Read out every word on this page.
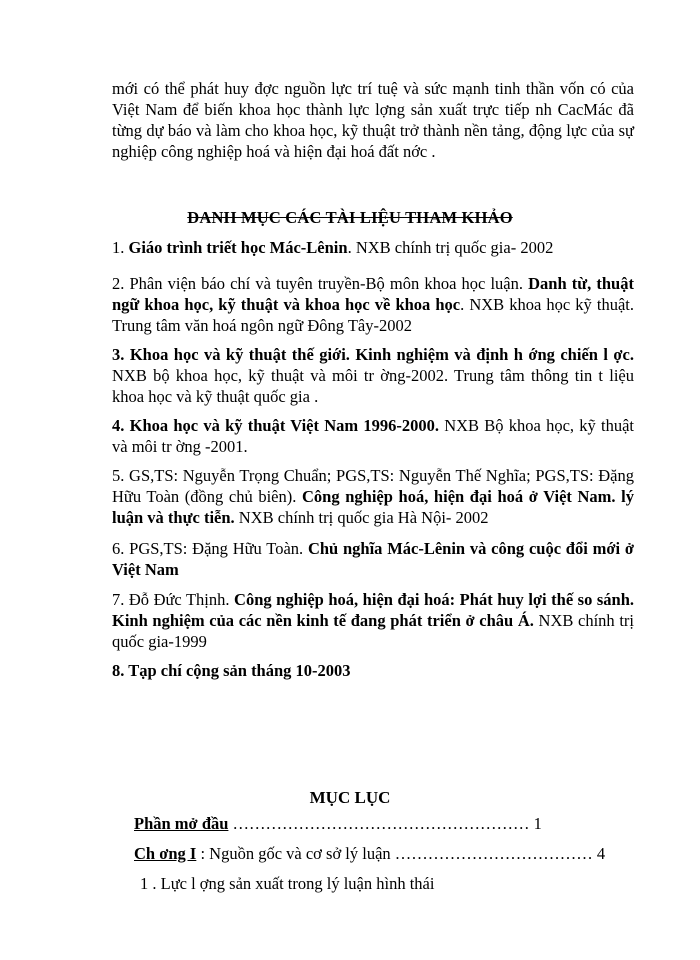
mới có thể phát huy đợc nguồn lực trí tuệ và sức mạnh tinh thần vốn có của Việt Nam để biến khoa học thành lực lợng sản xuất trực tiếp nh CacMác đã từng dự báo và làm cho khoa học, kỹ thuật trở thành nền tảng, động lực của sự nghiệp công nghiệp hoá và hiện đại hoá đất nớc .
DANH MỤC CÁC TÀI LIỆU THAM KHẢO
1. Giáo trình triết học Mác-Lênin. NXB chính trị quốc gia- 2002
2. Phân viện báo chí và tuyên truyền-Bộ môn khoa học luận. Danh từ, thuật ngữ khoa học, kỹ thuật và khoa học về khoa học. NXB khoa học kỹ thuật. Trung tâm văn hoá ngôn ngữ Đông Tây-2002
3. Khoa học và kỹ thuật thế giới. Kinh nghiệm và định h ớng chiến l ợc. NXB bộ khoa học, kỹ thuật và môi tr ờng-2002. Trung tâm thông tin t liệu khoa học và kỹ thuật quốc gia .
4. Khoa học và kỹ thuật Việt Nam 1996-2000. NXB Bộ khoa học, kỹ thuật và môi tr ờng -2001.
5. GS,TS: Nguyễn Trọng Chuẩn; PGS,TS: Nguyễn Thế Nghĩa; PGS,TS: Đặng Hữu Toàn (đồng chủ biên). Công nghiệp hoá, hiện đại hoá ở Việt Nam. lý luận và thực tiễn. NXB chính trị quốc gia Hà Nội- 2002
6. PGS,TS: Đặng Hữu Toàn. Chủ nghĩa Mác-Lênin và công cuộc đổi mới ở Việt Nam
7. Đỗ Đức Thịnh. Công nghiệp hoá, hiện đại hoá: Phát huy lợi thế so sánh. Kinh nghiệm của các nền kinh tế đang phát triển ở châu Á. NXB chính trị quốc gia-1999
8. Tạp chí cộng sản tháng 10-2003
MỤC LỤC
Phần mở đầu ……………………………………………… 1
Ch ơng I : Nguồn gốc và cơ sở lý luận ……………………………… 4
1 . Lực l ợng sản xuất trong lý luận hình thái
